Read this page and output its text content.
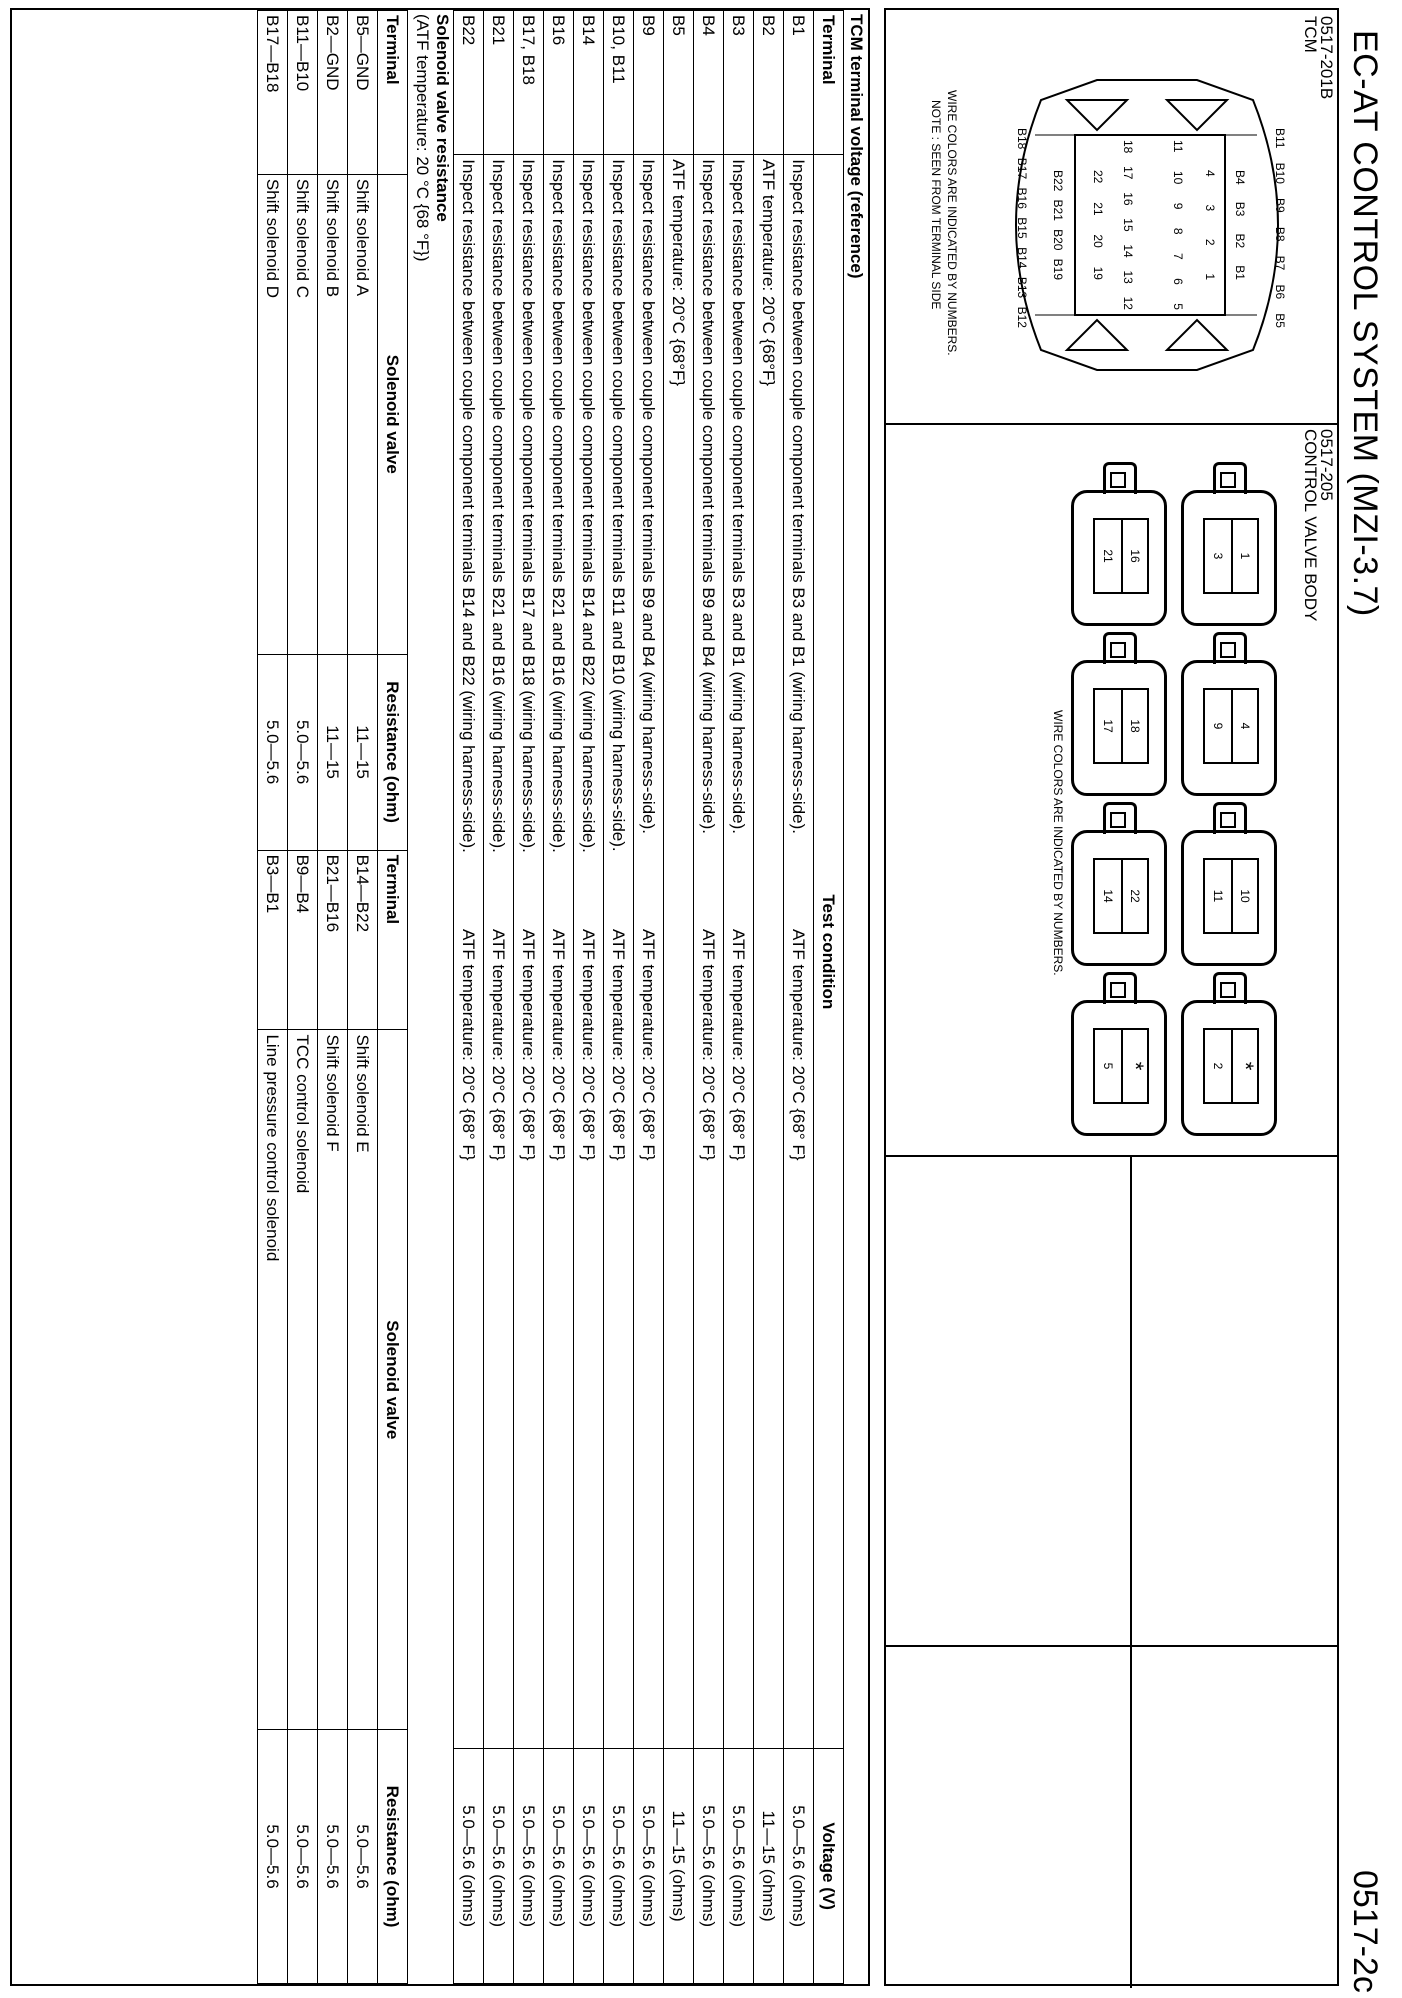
EC-AT CONTROL SYSTEM (MZI-3.7)
0517-2c
0517-201B
TCM
B11
B10
B9
B8
B7
B6
B5
B4
B3
B2
B1
4
3
2
1
11
10
9
8
7
6
5
18
17
16
15
14
13
12
22
21
20
19
B22
B21
B20
B19
B18
B17
B16
B15
B14
B13
B12
WIRE COLORS ARE INDICATED BY NUMBERS.
NOTE : SEEN FROM TERMINAL SIDE
0517-205
CONTROL VALVE BODY
1
3
4
9
10
11
*
2
16
21
18
17
22
14
*
5
WIRE COLORS ARE INDICATED BY NUMBERS.
TCM terminal voltage (reference)
Terminal	Test condition		Voltage (V)
B1	Inspect resistance between couple component terminals B3 and B1 (wiring harness-side).	ATF temperature: 20°C {68° F}	5.0—5.6 (ohms)
B2	ATF temperature: 20°C {68°F}		11—15 (ohms)
B3	Inspect resistance between couple component terminals B3 and B1 (wiring harness-side).	ATF temperature: 20°C {68° F}	5.0—5.6 (ohms)
B4	Inspect resistance between couple component terminals B9 and B4 (wiring harness-side).	ATF temperature: 20°C {68° F}	5.0—5.6 (ohms)
B5	ATF temperature: 20°C {68°F}		11—15 (ohms)
B9	Inspect resistance between couple component terminals B9 and B4 (wiring harness-side).	ATF temperature: 20°C {68° F}	5.0—5.6 (ohms)
B10, B11	Inspect resistance between couple component terminals B11 and B10 (wiring harness-side).	ATF temperature: 20°C {68° F}	5.0—5.6 (ohms)
B14	Inspect resistance between couple component terminals B14 and B22 (wiring harness-side).	ATF temperature: 20°C {68° F}	5.0—5.6 (ohms)
B16	Inspect resistance between couple component terminals B21 and B16 (wiring harness-side).	ATF temperature: 20°C {68° F}	5.0—5.6 (ohms)
B17, B18	Inspect resistance between couple component terminals B17 and B18 (wiring harness-side).	ATF temperature: 20°C {68° F}	5.0—5.6 (ohms)
B21	Inspect resistance between couple component terminals B21 and B16 (wiring harness-side).	ATF temperature: 20°C {68° F}	5.0—5.6 (ohms)
B22	Inspect resistance between couple component terminals B14 and B22 (wiring harness-side).	ATF temperature: 20°C {68° F}	5.0—5.6 (ohms)
Solenoid valve resistance
(ATF temperature: 20 °C {68 °F})
Terminal	Solenoid valve	Resistance (ohm)	Terminal	Solenoid valve	Resistance (ohm)
B5—GND	Shift solenoid A	11—15	B14—B22	Shift solenoid E	5.0—5.6
B2—GND	Shift solenoid B	11—15	B21—B16	Shift solenoid F	5.0—5.6
B11—B10	Shift solenoid C	5.0—5.6	B9—B4	TCC control solenoid	5.0—5.6
B17—B18	Shift solenoid D	5.0—5.6	B3—B1	Line pressure control solenoid	5.0—5.6
